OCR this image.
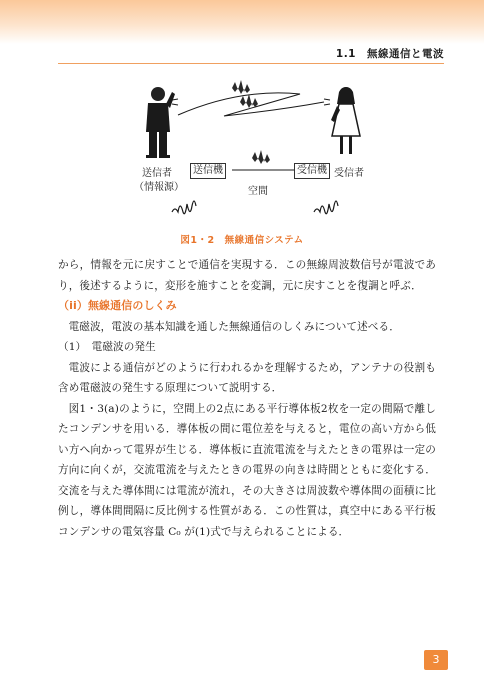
1.1　無線通信と電波
送信者
（情報源）
送信機	受信機 受信者
空間
図1・2　無線通信システム

から，情報を元に戻すことで通信を実現する．この無線周波数信号が電波であり，後述するように，変形を施すことを変調，元に戻すことを復調と呼ぶ．

（ii）無線通信のしくみ

電磁波，電波の基本知識を通した無線通信のしくみについて述べる．

（1）　電磁波の発生

電波による通信がどのように行われるかを理解するため，アンテナの役割も含め電磁波の発生する原理について説明する．

図1・3(a)のように，空間上の2点にある平行導体板2枚を一定の間隔で離したコンデンサを用いる．導体板の間に電位差を与えると，電位の高い方から低い方へ向かって電界が生じる．導体板に直流電流を与えたときの電界は一定の方向に向くが，交流電流を与えたときの電界の向きは時間とともに変化する．交流を与えた導体間には電流が流れ，その大きさは周波数や導体間の面積に比例し，導体間間隔に反比例する性質がある．この性質は，真空中にある平行板コンデンサの電気容量 C₀ が(1)式で与えられることによる．

3
